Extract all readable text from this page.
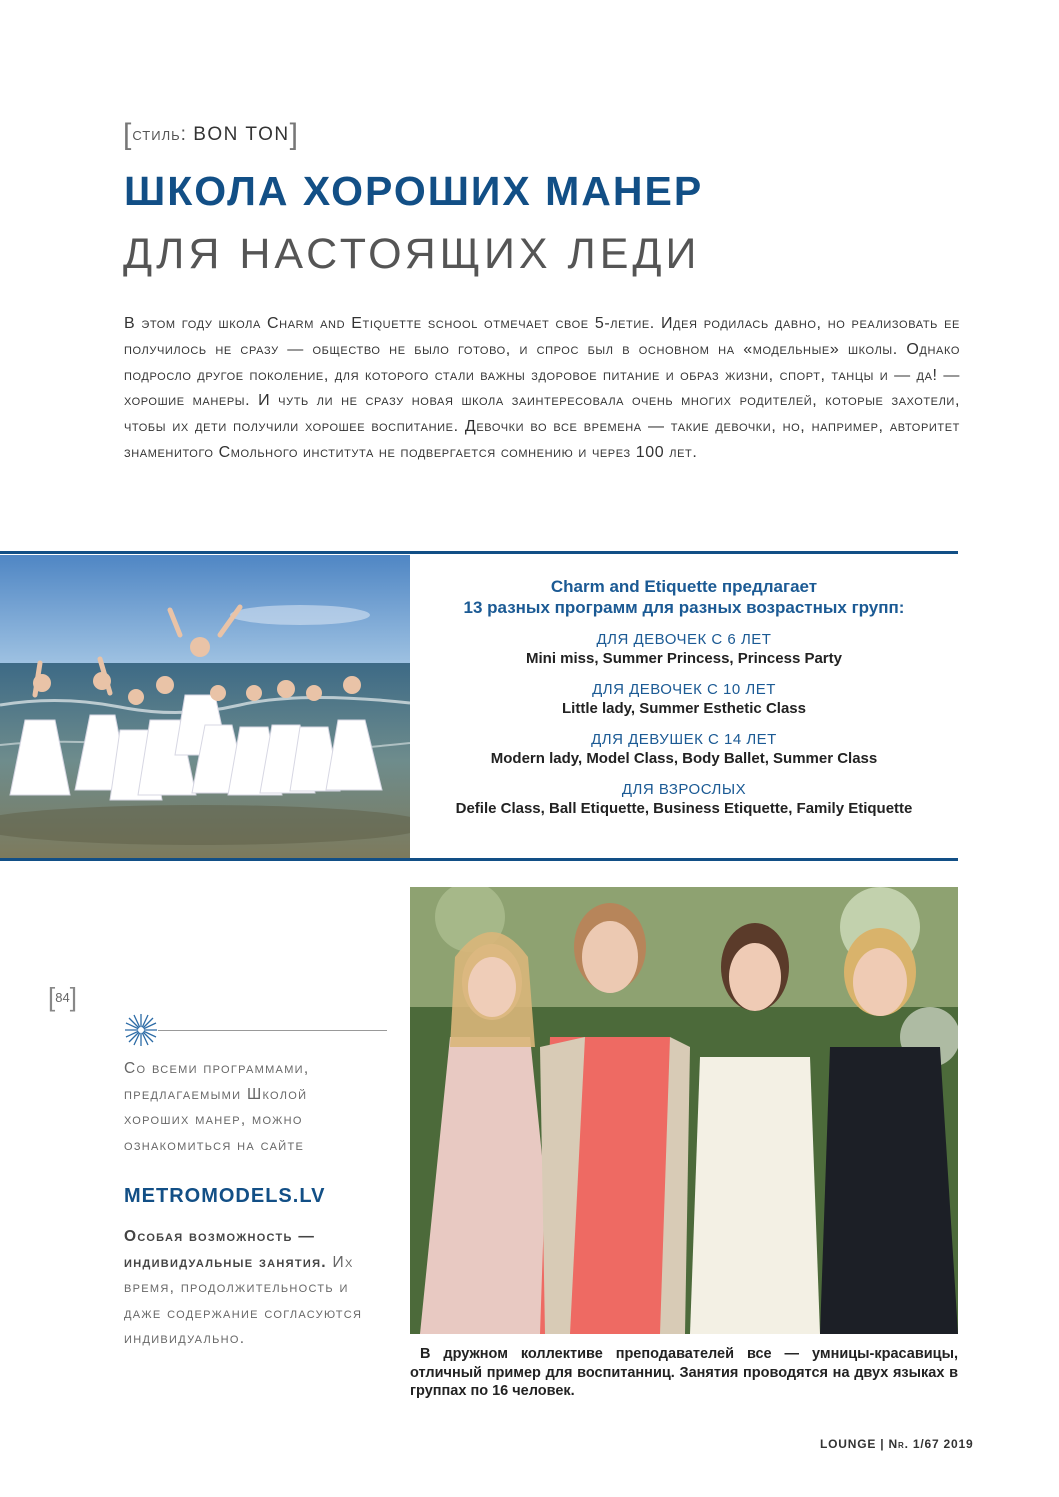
[стиль: BON TON]
ШКОЛА ХОРОШИХ МАНЕР
ДЛЯ НАСТОЯЩИХ ЛЕДИ

В этом году школа Charm and Etiquette school отмечает свое 5-летие. Идея родилась давно, но реализовать ее получилось не сразу — общество не было готово, и спрос был в основном на «модельные» школы. Однако подросло другое поколение, для которого стали важны здоровое питание и образ жизни, спорт, танцы и — да! — хорошие манеры. И чуть ли не сразу новая школа заинтересовала очень многих родителей, которые захотели, чтобы их дети получили хорошее воспитание. Девочки во все времена — такие девочки, но, например, авторитет знаменитого Смольного института не подвергается сомнению и через 100 лет.

Charm and Etiquette предлагает
13 разных программ для разных возрастных групп:
ДЛЯ ДЕВОЧЕК С 6 ЛЕТ
Mini miss, Summer Princess, Princess Party
ДЛЯ ДЕВОЧЕК С 10 ЛЕТ
Little lady, Summer Esthetic Class
ДЛЯ ДЕВУШЕК С 14 ЛЕТ
Modern lady, Model Class, Body Ballet, Summer Class
ДЛЯ ВЗРОСЛЫХ
Defile Class, Ball Etiquette, Business Etiquette, Family Etiquette
[84]

Со всеми программами, предлагаемыми Школой хороших манер, можно ознакомиться на сайте

METROMODELS.LV

Особая возможность — индивидуальные занятия. Их время, продолжительность и даже содержание согласуются индивидуально.

В дружном коллективе преподавателей все — умницы-красавицы, отличный пример для воспитанниц. Занятия проводятся на двух языках в группах по 16 человек.

LOUNGE | Nr. 1/67 2019
